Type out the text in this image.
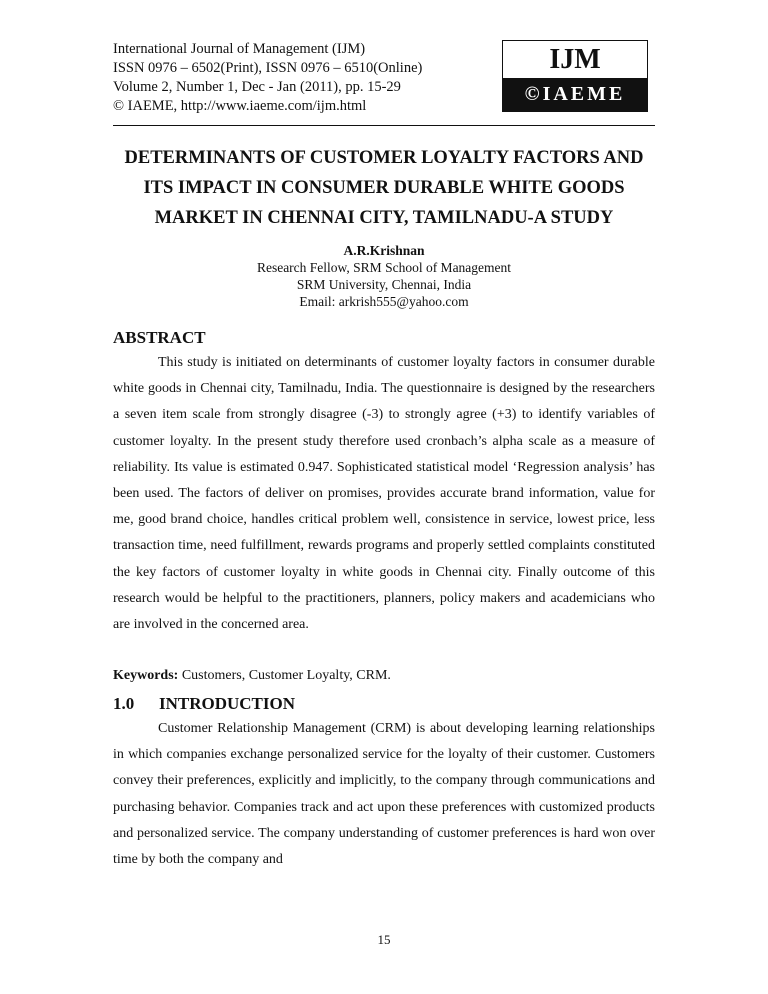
International Journal of Management (IJM)
ISSN 0976 – 6502(Print), ISSN 0976 – 6510(Online)
Volume 2, Number 1, Dec - Jan (2011), pp. 15-29
© IAEME, http://www.iaeme.com/ijm.html
IJM
©IAEME
DETERMINANTS OF CUSTOMER LOYALTY FACTORS AND
ITS IMPACT IN CONSUMER DURABLE WHITE GOODS
MARKET IN CHENNAI CITY, TAMILNADU-A STUDY
A.R.Krishnan
Research Fellow, SRM School of Management
SRM University, Chennai, India
Email: arkrish555@yahoo.com
ABSTRACT

This study is initiated on determinants of customer loyalty factors in consumer durable white goods in Chennai city, Tamilnadu, India. The questionnaire is designed by the researchers a seven item scale from strongly disagree (-3) to strongly agree (+3) to identify variables of customer loyalty. In the present study therefore used cronbach’s alpha scale as a measure of reliability. Its value is estimated 0.947. Sophisticated statistical model ‘Regression analysis’ has been used. The factors of deliver on promises, provides accurate brand information, value for me, good brand choice, handles critical problem well, consistence in service, lowest price, less transaction time, need fulfillment, rewards programs and properly settled complaints constituted the key factors of customer loyalty in white goods in Chennai city. Finally outcome of this research would be helpful to the practitioners, planners, policy makers and academicians who are involved in the concerned area.

Keywords: Customers, Customer Loyalty, CRM.
1.0 INTRODUCTION

Customer Relationship Management (CRM) is about developing learning relationships in which companies exchange personalized service for the loyalty of their customer. Customers convey their preferences, explicitly and implicitly, to the company through communications and purchasing behavior. Companies track and act upon these preferences with customized products and personalized service. The company understanding of customer preferences is hard won over time by both the company and

15
